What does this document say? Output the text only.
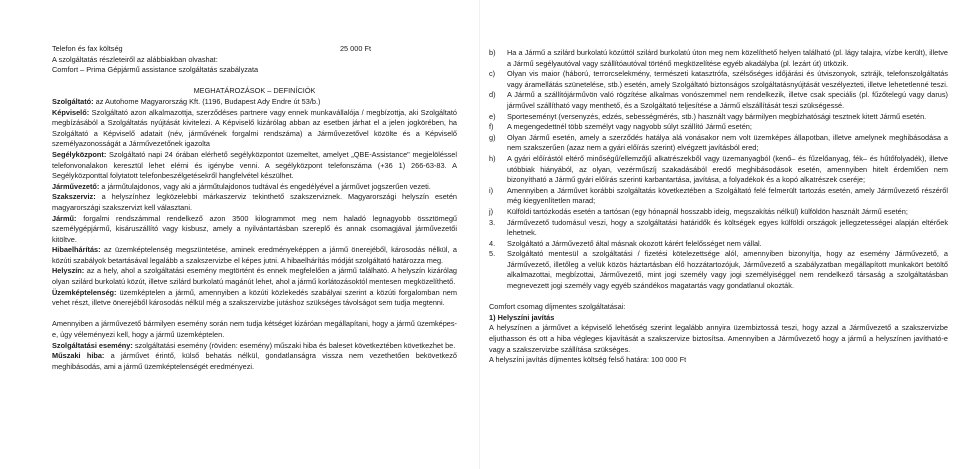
Telefon és fax költség	25 000 Ft
A szolgáltatás részleteiről az alábbiakban olvashat:
Comfort – Prima Gépjármű assistance szolgáltatás szabályzata
MEGHATÁROZÁSOK – DEFINÍCIÓK

Szolgáltató: az Autohome Magyarország Kft. (1196, Budapest Ady Endre út 53/b.)

Képviselő: Szolgáltató azon alkalmazottja, szerződéses partnere vagy ennek munkavállalója / megbízottja, aki Szolgáltató megbízásából a Szolgáltatás nyújtását kivitelezi. A Képviselő kizárólag abban az esetben járhat el a jelen jogkörében, ha Szolgáltató a Képviselő adatait (név, járművének forgalmi rendszáma) a Járművezetővel közölte és a Képviselő személyazonosságát a Járművezetőnek igazolta

Segélyközpont: Szolgáltató napi 24 órában elérhető segélyközpontot üzemeltet, amelyet „QBE-Assistance" megjelöléssel telefonvonalakon keresztül lehet elérni és igénybe venni. A segélyközpont telefonszáma (+36 1) 266-63-83. A Segélyközponttal folytatott telefonbeszélgetésekről hangfelvétel készülhet.

Járművezető: a járműtulajdonos, vagy aki a járműtulajdonos tudtával és engedélyével a járművet jogszerűen vezeti.

Szakszerviz: a helyszínhez legközelebbi márkaszerviz tekinthető szakszerviznek. Magyarországi helyszín esetén magyarországi szakszervizt kell választani.

Jármű: forgalmi rendszámmal rendelkező azon 3500 kilogrammot meg nem haladó legnagyobb össztömegű személygépjármű, kisáruszállító vagy kisbusz, amely a nyilvántartásban szereplő és annak csomagjával járművezetői kitöltve.

Hibaelhárítás: az üzemképtelenség megszüntetése, aminek eredményeképpen a jármű önerejéből, károsodás nélkül, a közúti szabályok betartásával legalább a szakszervizbe el képes jutni. A hibaelhárítás módját szolgáltató határozza meg.

Helyszín: az a hely, ahol a szolgáltatási esemény megtörtént és ennek megfelelően a jármű található. A helyszín kizárólag olyan szilárd burkolatú közút, illetve szilárd burkolatú magánút lehet, ahol a jármű korlátozásoktól mentesen megközelíthető.

Üzemképtelenség: üzemképtelen a jármű, amennyiben a közúti közlekedés szabályai szerint a közúti forgalomban nem vehet részt, illetve önerejéből károsodás nélkül még a szakszervizbe jutáshoz szükséges távolságot sem tudja megtenni.

Amennyiben a járművezető bármilyen esemény során nem tudja kétséget kizáróan megállapítani, hogy a jármű üzemképes-e, úgy véleményezi kell, hogy a jármű üzemképtelen.

Szolgáltatási esemény: szolgáltatási esemény (röviden: esemény) műszaki hiba és baleset következtében következhet be.

Műszaki hiba: a járművet érintő, külső behatás nélkül, gondatlanságra vissza nem vezethetően bekövetkező meghibásodás, ami a jármű üzemképtelenségét eredményezi.

b)	Ha a Jármű a szilárd burkolatú közúttól szilárd burkolatú úton meg nem közelíthető helyen található (pl. lágy talajra, vízbe került), illetve a Jármű segélyautóval vagy szállítóautóval történő megközelítése egyéb akadályba (pl. lezárt út) ütközik.
c)	Olyan vis maior (háború, terrorcselekmény, természeti katasztrófa, szélsőséges időjárási és útviszonyok, sztrájk, telefonszolgáltatás vagy áramellátás szünetelése, stb.) esetén, amely Szolgáltató biztonságos szolgáltatásnyújtását veszélyezteti, illetve lehetetlenné teszi.
d)	A Jármű a szállítójárművön való rögzítése alkalmas vonószemmel nem rendelkezik, illetve csak speciális (pl. fűzőtelegú vagy darus) járművel szállítható vagy menthető, és a Szolgáltató teljesítése a Jármű elszállítását teszi szükségessé.
e)	Sporteseményt (versenyzés, edzés, sebességmérés, stb.) használt vagy bármilyen megbízhatósági tesztnek kitett Jármű esetén.
f)	A megengedettnél több személyt vagy nagyobb súlyt szállító Jármű esetén;
g)	Olyan Jármű esetén, amely a szerződés hatálya alá vonásakor nem volt üzemképes állapotban, illetve amelynek meghibásodása a nem szakszerűen (azaz nem a gyári előírás szerint) elvégzett javításból ered;
h)	A gyári előírástól eltérő minőségű/ellemzőjű alkatrészekből vagy üzemanyagból (kenő– és fűzelőanyag, fék– és hűtőfolyadék), illetve utóbbiak hiányából, az olyan, vezérműszíj szakadásából eredő meghibásodások esetén, amennyiben hitelt érdemlően nem bizonyítható a Jármű gyári előírás szerinti karbantartása, javítása, a folyadékok és a kopó alkatrészek cseréje;
i)	Amennyiben a Járművet korábbi szolgáltatás következtében a Szolgáltató felé felmerült tartozás esetén, amely Járművezető részéről még kiegyenlítetlen marad;
j)	Külföldi tartózkodás esetén a tartósan (egy hónapnál hosszabb ideig, megszakítás nélkül) külföldön használt Jármű esetén;
3.	Járművezető tudomásul veszi, hogy a szolgáltatási határidők és költségek egyes külföldi országok jellegzetességei alapján eltérőek lehetnek.
4.	Szolgáltató a Járművezető által másnak okozott kárért felelősséget nem vállal.
5.	Szolgáltató mentesül a szolgáltatási / fizetési kötelezettsége alól, amennyiben bizonyítja, hogy az esemény Járművezető, a Járművezető, illetőleg a velük közös háztartásban élő hozzátartozójuk, Járművezető a szabályzatban megállapított munkakört betöltő alkalmazottai, megbízottai, Járművezető, mint jogi személy vagy jogi személyiséggel nem rendelkező társaság a szolgáltatásban megnevezett jogi személy vagy egyéb szándékos magatartás vagy gondatlanul okozták.
Comfort csomag díjmentes szolgáltatásai:
1) Helyszíni javítás

A helyszínen a járművet a képviselő lehetőség szerint legalább annyira üzembiztossá teszi, hogy azzal a Járművezető a szakszervizbe eljuthasson és ott a hiba végleges kijavítását a szakszervize biztosítsa. Amennyiben a Járművezető hogy a jármű a helyszínen javítható-e vagy a szakszervizbe szállítása szükséges.

A helyszíni javítás díjmentes költség felső határa: 100 000 Ft
